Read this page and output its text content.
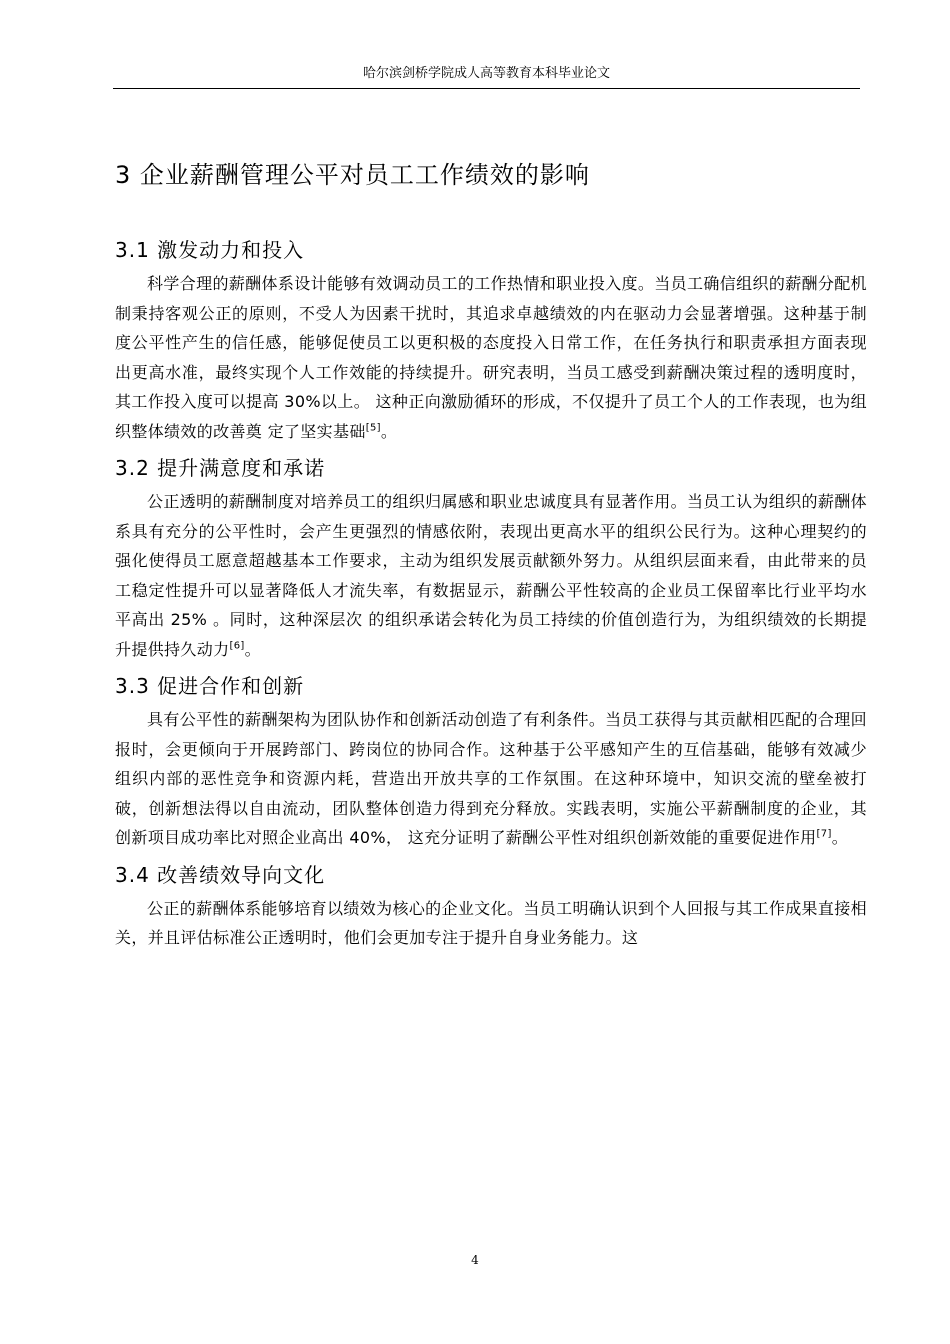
哈尔滨剑桥学院成人高等教育本科毕业论文
3 企业薪酬管理公平对员工工作绩效的影响
3.1 激发动力和投入

科学合理的薪酬体系设计能够有效调动员工的工作热情和职业投入度。当员工确信组织的薪酬分配机制秉持客观公正的原则，不受人为因素干扰时，其追求卓越绩效的内在驱动力会显著增强。这种基于制度公平性产生的信任感，能够促使员工以更积极的态度投入日常工作，在任务执行和职责承担方面表现出更高水准，最终实现个人工作效能的持续提升。研究表明，当员工感受到薪酬决策过程的透明度时，其工作投入度可以提高 30%以上。 这种正向激励循环的形成，不仅提升了员工个人的工作表现，也为组织整体绩效的改善奠 定了坚实基础[5]。

3.2 提升满意度和承诺

公正透明的薪酬制度对培养员工的组织归属感和职业忠诚度具有显著作用。当员工认为组织的薪酬体系具有充分的公平性时，会产生更强烈的情感依附，表现出更高水平的组织公民行为。这种心理契约的强化使得员工愿意超越基本工作要求，主动为组织发展贡献额外努力。从组织层面来看，由此带来的员工稳定性提升可以显著降低人才流失率，有数据显示，薪酬公平性较高的企业员工保留率比行业平均水平高出 25% 。同时，这种深层次 的组织承诺会转化为员工持续的价值创造行为，为组织绩效的长期提升提供持久动力[6]。

3.3 促进合作和创新

具有公平性的薪酬架构为团队协作和创新活动创造了有利条件。当员工获得与其贡献相匹配的合理回报时，会更倾向于开展跨部门、跨岗位的协同合作。这种基于公平感知产生的互信基础，能够有效减少组织内部的恶性竞争和资源内耗，营造出开放共享的工作氛围。在这种环境中，知识交流的壁垒被打破，创新想法得以自由流动，团队整体创造力得到充分释放。实践表明，实施公平薪酬制度的企业，其创新项目成功率比对照企业高出 40%， 这充分证明了薪酬公平性对组织创新效能的重要促进作用[7]。

3.4 改善绩效导向文化

公正的薪酬体系能够培育以绩效为核心的企业文化。当员工明确认识到个人回报与其工作成果直接相关，并且评估标准公正透明时，他们会更加专注于提升自身业务能力。这

4
